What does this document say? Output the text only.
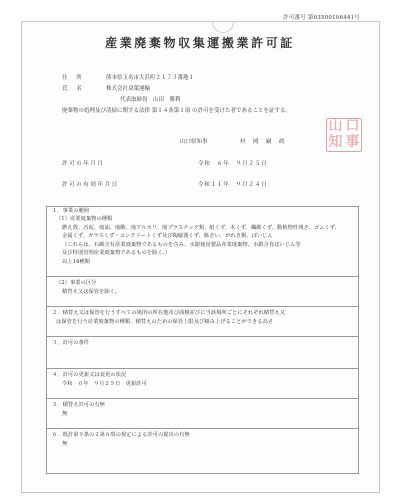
許可番号 第03500106441号
産業廃棄物収集運搬業許可証
住　所	熊本県玉名市大浜町２１７３番地１
氏　名	株式会社双葉運輸
代表取締役　山田　勝利
廃棄物の処理及び清掃に関する法律 第１４条第１項 の許可を受けた者であることを証する。
山口県知事	村　岡　嗣　政
山 口
知 事
許可の年月日	令和　６年　９月２５日
許可の有効年月日	令和１１年　９月２４日
１．事業の範囲
（1）産業廃棄物の種類
燃え殻、汚泥、廃油、廃酸、廃アルカリ、廃プラスチック類、紙くず、木くず、繊維くず、動植物性残さ、ゴムくず、
金属くず、ガラスくず・コンクリートくず及び陶磁器くず、鉱さい、がれき類、ばいじん
（これらは、石綿含有産業廃棄物であるものを含み、水銀使用製品産業廃棄物、水銀含有ばいじん等
及び特別管理産業廃棄物であるものを除く。）
以上14種類
（2）事業の区分
積替え又は保管を除く。
２．積替え又は保管を行うすべての場所の所在地及び面積並びに当該場所ごとにそれぞれ積替え又
は保管を行う産業廃棄物の種類、積替えのための保管上限及び積み上げることができる高さ
３．許可の条件
４．許可の更新又は変更の状況
令和　６年　９月２５日　更新許可
５．積替え許可の有無
無
６．既許第９条の２第６項の規定による許可の提出の有無
無
